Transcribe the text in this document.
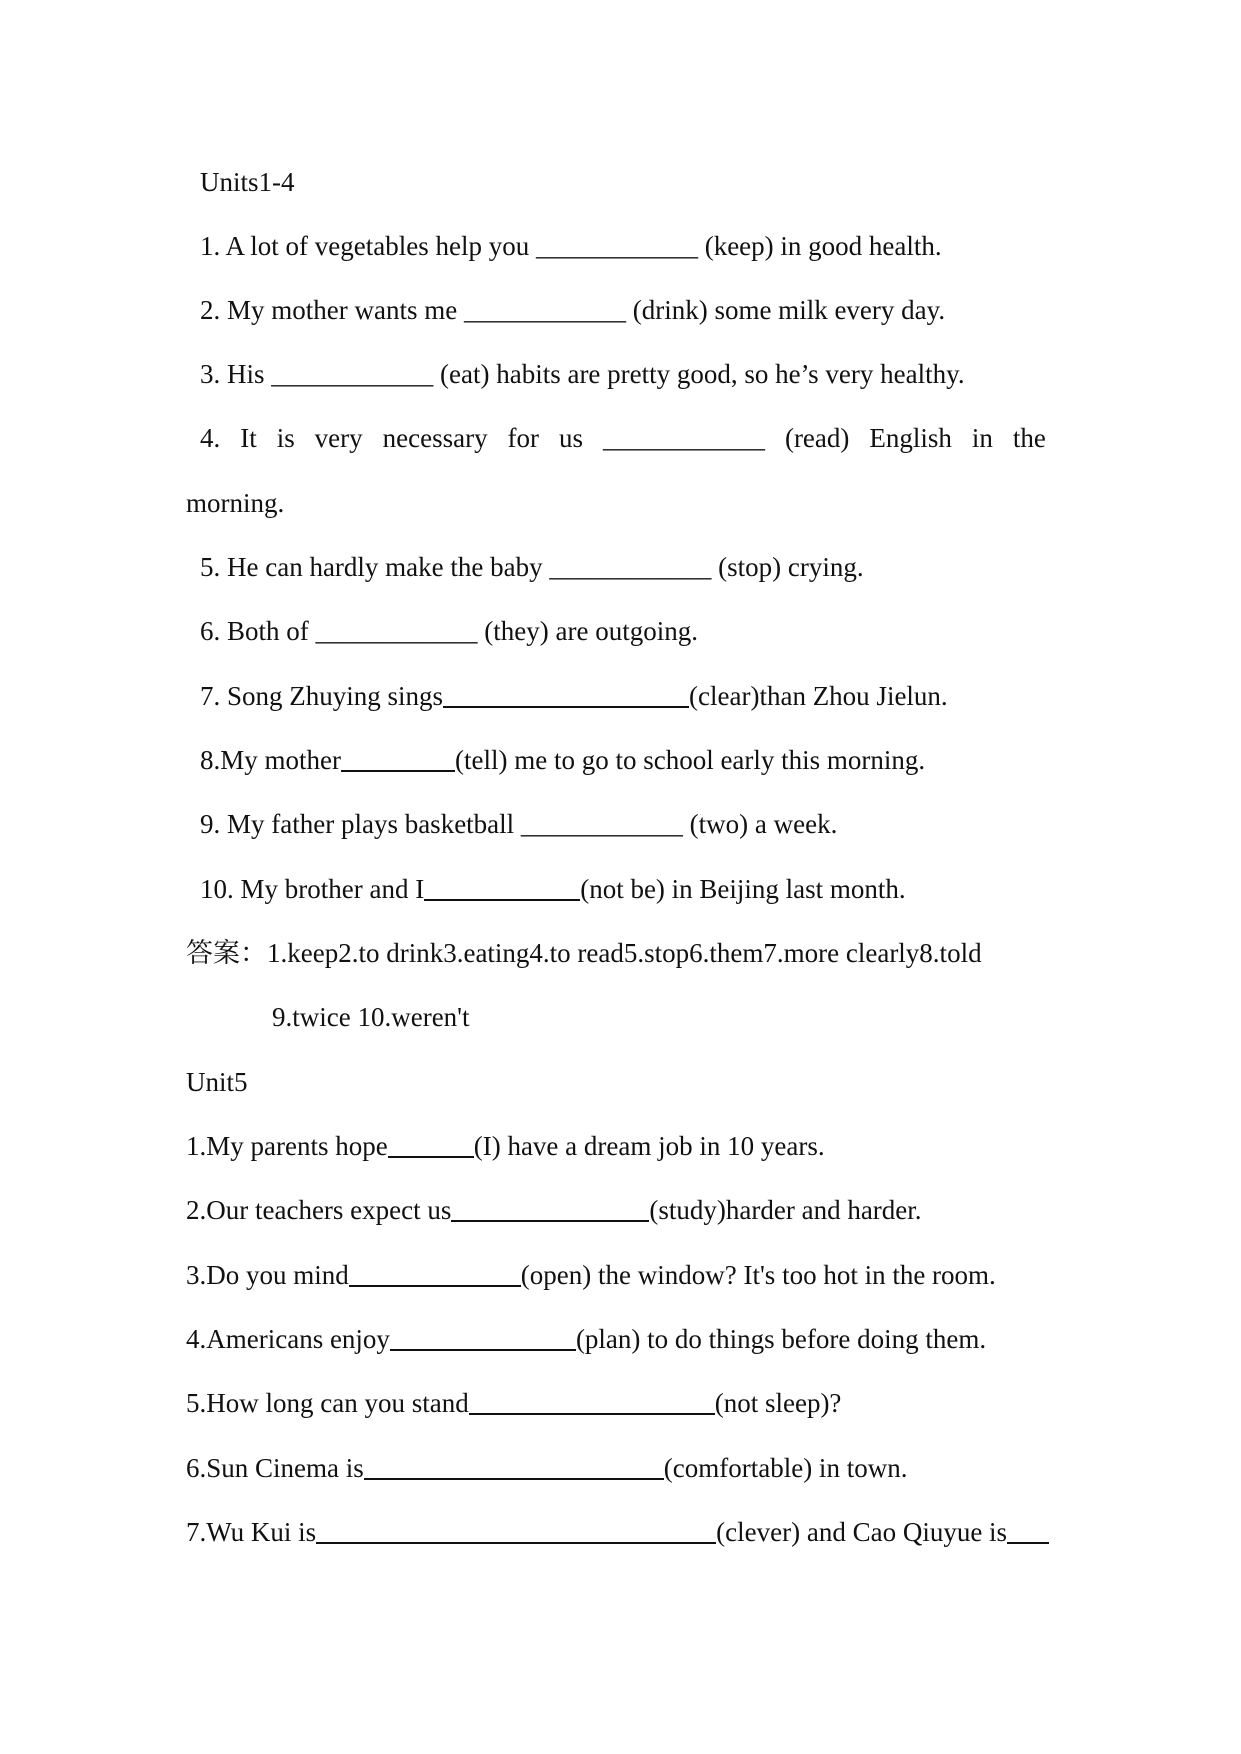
Units1-4
1. A lot of vegetables help you ____________ (keep) in good health.
2. My mother wants me ____________ (drink) some milk every day.
3. His ____________ (eat) habits are pretty good, so he’s very healthy.
4. It is very necessary for us ____________ (read) English in the
morning.
5. He can hardly make the baby ____________ (stop) crying.
6. Both of ____________ (they) are outgoing.
7. Song Zhuying sings	(clear)than Zhou Jielun.
8.My mother	(tell) me to go to school early this morning.
9. My father plays basketball ____________ (two) a week.
10. My brother and I	(not be) in Beijing last month.
答案：1.keep2.to drink3.eating4.to read5.stop6.them7.more clearly8.told
9.twice 10.weren't
Unit5
1.My parents hope	(I) have a dream job in 10 years.
2.Our teachers expect us	(study)harder and harder.
3.Do you mind	(open) the window? It's too hot in the room.
4.Americans enjoy	(plan) to do things before doing them.
5.How long can you stand	(not sleep)?
6.Sun Cinema is	(comfortable) in town.
7.Wu Kui is	(clever) and Cao Qiuyue is
